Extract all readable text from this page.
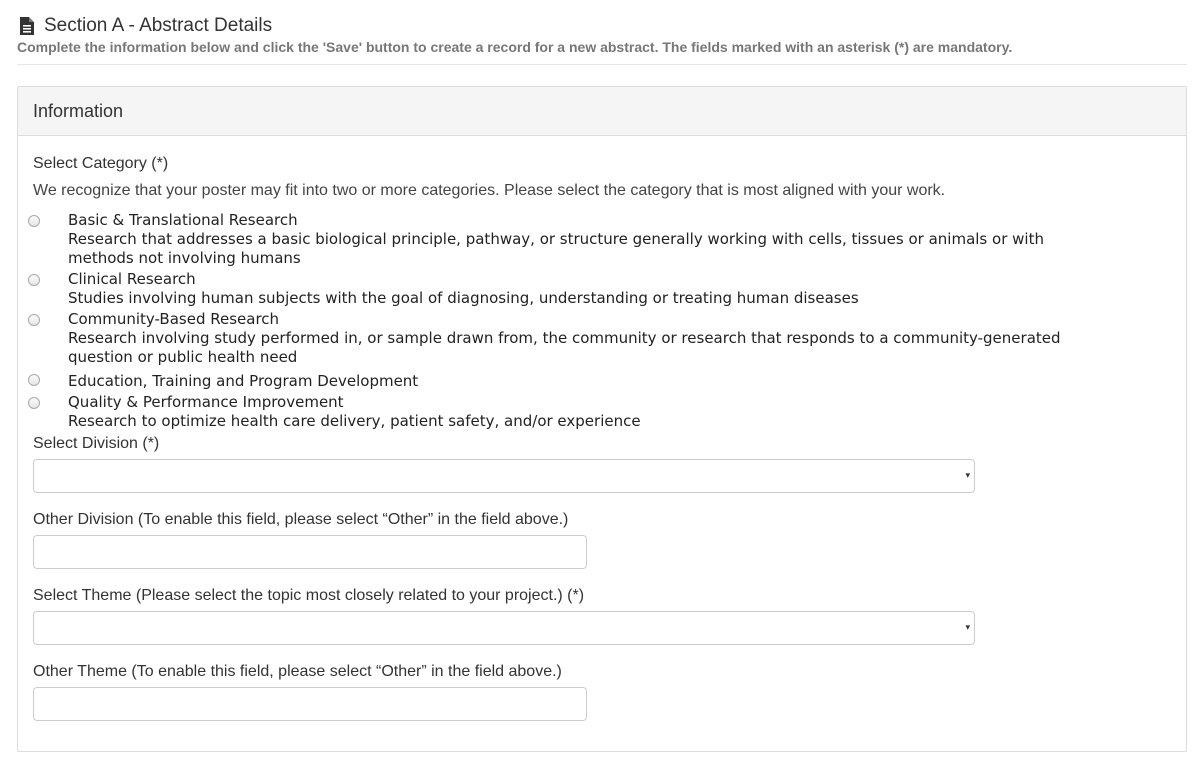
Section A - Abstract Details
Complete the information below and click the 'Save' button to create a record for a new abstract. The fields marked with an asterisk (*) are mandatory.
Information
Select Category (*)
We recognize that your poster may fit into two or more categories. Please select the category that is most aligned with your work.
Basic & Translational Research
Research that addresses a basic biological principle, pathway, or structure generally working with cells, tissues or animals or with methods not involving humans
Clinical Research
Studies involving human subjects with the goal of diagnosing, understanding or treating human diseases
Community-Based Research
Research involving study performed in, or sample drawn from, the community or research that responds to a community-generated question or public health need
Education, Training and Program Development
Quality & Performance Improvement
Research to optimize health care delivery, patient safety, and/or experience
Select Division (*)
▾
Other Division (To enable this field, please select “Other” in the field above.)
Select Theme (Please select the topic most closely related to your project.) (*)
▾
Other Theme (To enable this field, please select “Other” in the field above.)
